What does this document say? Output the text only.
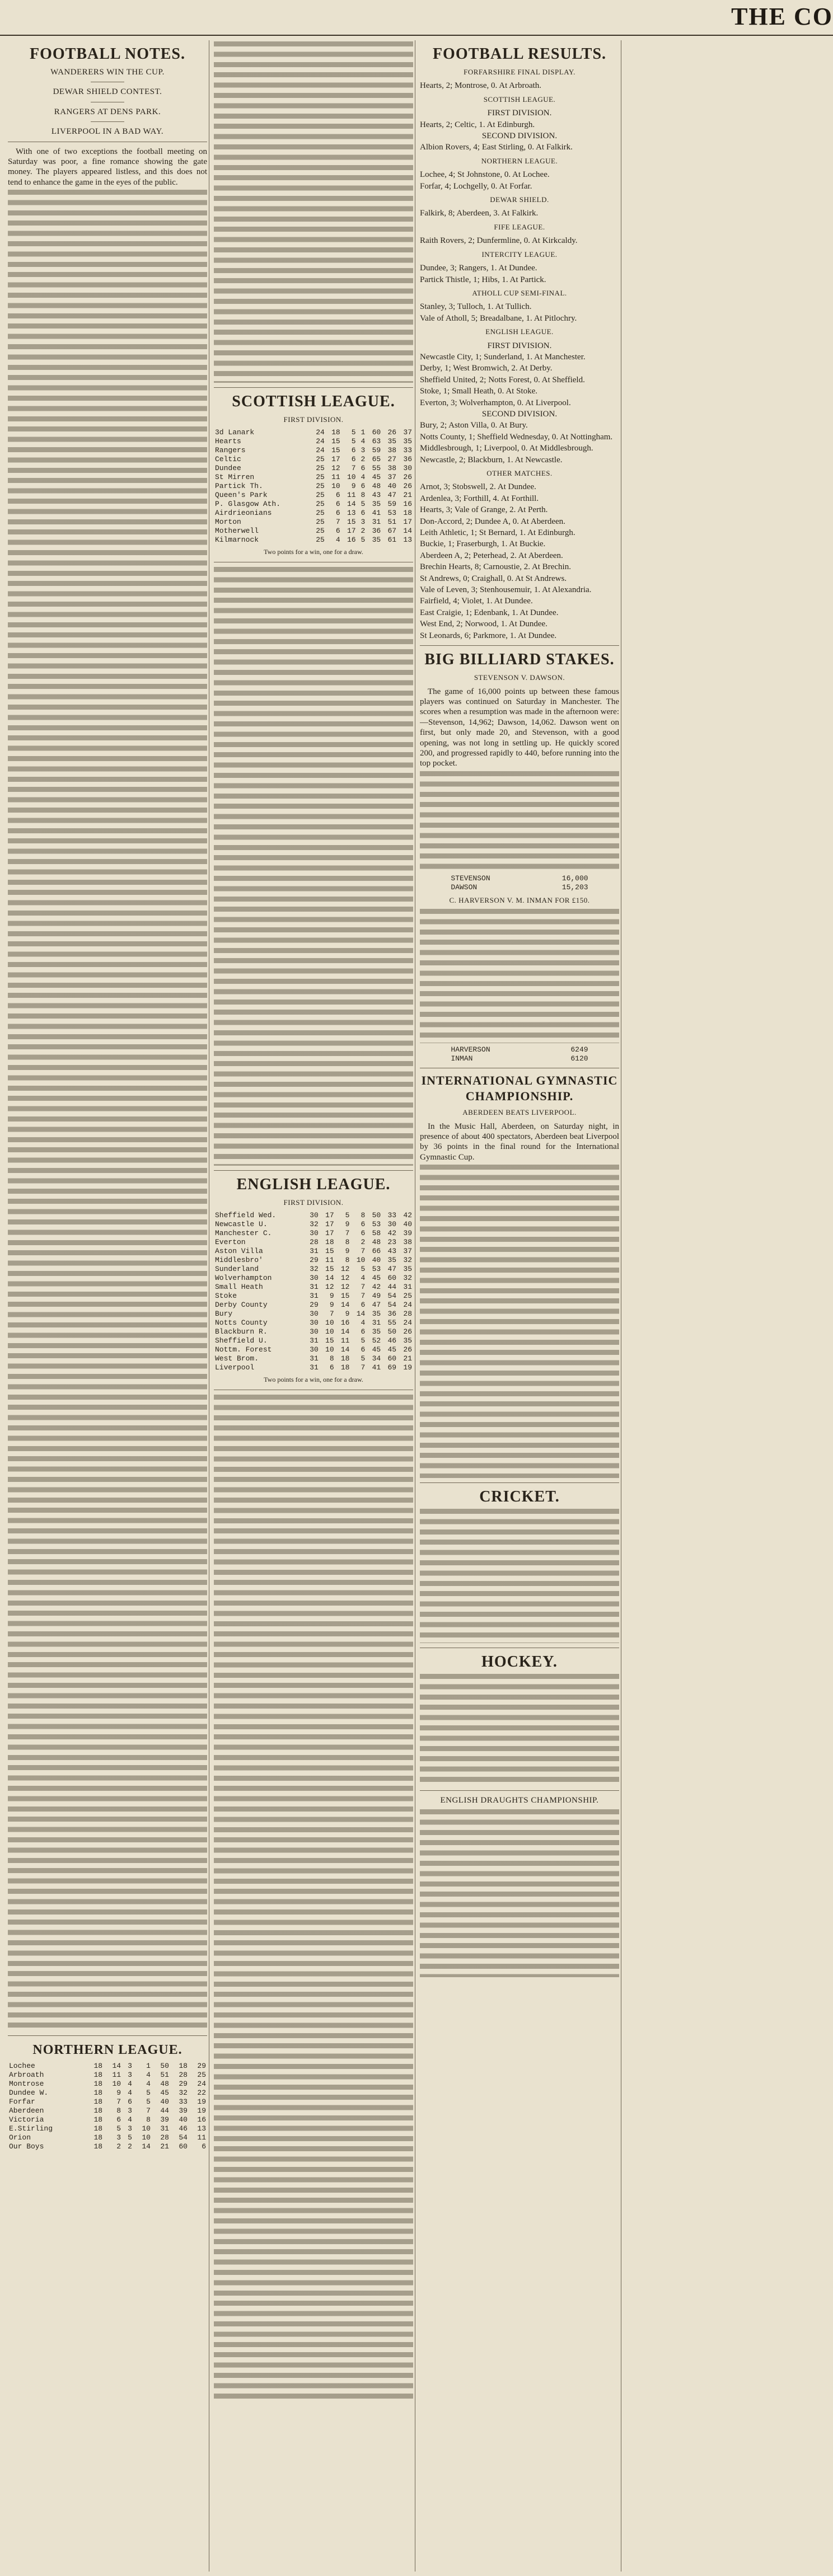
THE CO
FOOTBALL NOTES.
WANDERERS WIN THE CUP.
DEWAR SHIELD CONTEST.
RANGERS AT DENS PARK.
LIVERPOOL IN A BAD WAY.

With one of two exceptions the football meeting on Saturday was poor, a fine romance showing the gate money. The players appeared listless, and this does not tend to enhance the game in the eyes of the public.

NORTHERN LEAGUE.
Lochee	18	14	3	1	50	18	29
Arbroath	18	11	3	4	51	28	25
Montrose	18	10	4	4	48	29	24
Dundee W.	18	9	4	5	45	32	22
Forfar	18	7	6	5	40	33	19
Aberdeen	18	8	3	7	44	39	19
Victoria	18	6	4	8	39	40	16
E.Stirling	18	5	3	10	31	46	13
Orion	18	3	5	10	28	54	11
Our Boys	18	2	2	14	21	60	6
SCOTTISH LEAGUE.
FIRST DIVISION.
3d Lanark	24	18	5	1	60	26	37
Hearts	24	15	5	4	63	35	35
Rangers	24	15	6	3	59	38	33
Celtic	25	17	6	2	65	27	36
Dundee	25	12	7	6	55	38	30
St Mirren	25	11	10	4	45	37	26
Partick Th.	25	10	9	6	48	40	26
Queen's Park	25	6	11	8	43	47	21
P. Glasgow Ath.	25	6	14	5	35	59	16
Airdrieonians	25	6	13	6	41	53	18
Morton	25	7	15	3	31	51	17
Motherwell	25	6	17	2	36	67	14
Kilmarnock	25	4	16	5	35	61	13
Two points for a win, one for a draw.
ENGLISH LEAGUE.
FIRST DIVISION.
Sheffield Wed.	30	17	5	8	50	33	42
Newcastle U.	32	17	9	6	53	30	40
Manchester C.	30	17	7	6	58	42	39
Everton	28	18	8	2	48	23	38
Aston Villa	31	15	9	7	66	43	37
Middlesbro'	29	11	8	10	40	35	32
Sunderland	32	15	12	5	53	47	35
Wolverhampton	30	14	12	4	45	60	32
Small Heath	31	12	12	7	42	44	31
Stoke	31	9	15	7	49	54	25
Derby County	29	9	14	6	47	54	24
Bury	30	7	9	14	35	36	28
Notts County	30	10	16	4	31	55	24
Blackburn R.	30	10	14	6	35	50	26
Sheffield U.	31	15	11	5	52	46	35
Nottm. Forest	30	10	14	6	45	45	26
West Brom.	31	8	18	5	34	60	21
Liverpool	31	6	18	7	41	69	19
Two points for a win, one for a draw.
FOOTBALL RESULTS.
FORFARSHIRE FINAL DISPLAY.
Hearts, 2; Montrose, 0. At Arbroath.
SCOTTISH LEAGUE.
FIRST DIVISION.
Hearts, 2; Celtic, 1. At Edinburgh.
SECOND DIVISION.
Albion Rovers, 4; East Stirling, 0. At Falkirk.
NORTHERN LEAGUE.
Lochee, 4; St Johnstone, 0. At Lochee.
Forfar, 4; Lochgelly, 0. At Forfar.
DEWAR SHIELD.
Falkirk, 8; Aberdeen, 3. At Falkirk.
FIFE LEAGUE.
Raith Rovers, 2; Dunfermline, 0. At Kirkcaldy.
INTERCITY LEAGUE.
Dundee, 3; Rangers, 1. At Dundee.
Partick Thistle, 1; Hibs, 1. At Partick.
ATHOLL CUP SEMI-FINAL.
Stanley, 3; Tulloch, 1. At Tullich.
Vale of Atholl, 5; Breadalbane, 1. At Pitlochry.
ENGLISH LEAGUE.
FIRST DIVISION.
Newcastle City, 1; Sunderland, 1. At Manchester.
Derby, 1; West Bromwich, 2. At Derby.
Sheffield United, 2; Notts Forest, 0. At Sheffield.
Stoke, 1; Small Heath, 0. At Stoke.
Everton, 3; Wolverhampton, 0. At Liverpool.
SECOND DIVISION.
Bury, 2; Aston Villa, 0. At Bury.
Notts County, 1; Sheffield Wednesday, 0. At Nottingham.
Middlesbrough, 1; Liverpool, 0. At Middlesbrough.
Newcastle, 2; Blackburn, 1. At Newcastle.
OTHER MATCHES.
Arnot, 3; Stobswell, 2. At Dundee.
Ardenlea, 3; Forthill, 4. At Forthill.
Hearts, 3; Vale of Grange, 2. At Perth.
Don-Accord, 2; Dundee A, 0. At Aberdeen.
Leith Athletic, 1; St Bernard, 1. At Edinburgh.
Buckie, 1; Fraserburgh, 1. At Buckie.
Aberdeen A, 2; Peterhead, 2. At Aberdeen.
Brechin Hearts, 8; Carnoustie, 2. At Brechin.
St Andrews, 0; Craighall, 0. At St Andrews.
Vale of Leven, 3; Stenhousemuir, 1. At Alexandria.
Fairfield, 4; Violet, 1. At Dundee.
East Craigie, 1; Edenbank, 1. At Dundee.
West End, 2; Norwood, 1. At Dundee.
St Leonards, 6; Parkmore, 1. At Dundee.
BIG BILLIARD STAKES.
STEVENSON V. DAWSON.

The game of 16,000 points up between these famous players was continued on Saturday in Manchester. The scores when a resumption was made in the afternoon were:—Stevenson, 14,962; Dawson, 14,062. Dawson went on first, but only made 20, and Stevenson, with a good opening, was not long in settling up. He quickly scored 200, and progressed rapidly to 440, before running into the top pocket.

STEVENSON	16,000
DAWSON	15,203
C. HARVERSON V. M. INMAN FOR £150.
HARVERSON	6249
INMAN	6120
INTERNATIONAL GYMNASTIC CHAMPIONSHIP.
ABERDEEN BEATS LIVERPOOL.

In the Music Hall, Aberdeen, on Saturday night, in presence of about 400 spectators, Aberdeen beat Liverpool by 36 points in the final round for the International Gymnastic Cup.

CRICKET.
HOCKEY.
ENGLISH DRAUGHTS CHAMPIONSHIP.
